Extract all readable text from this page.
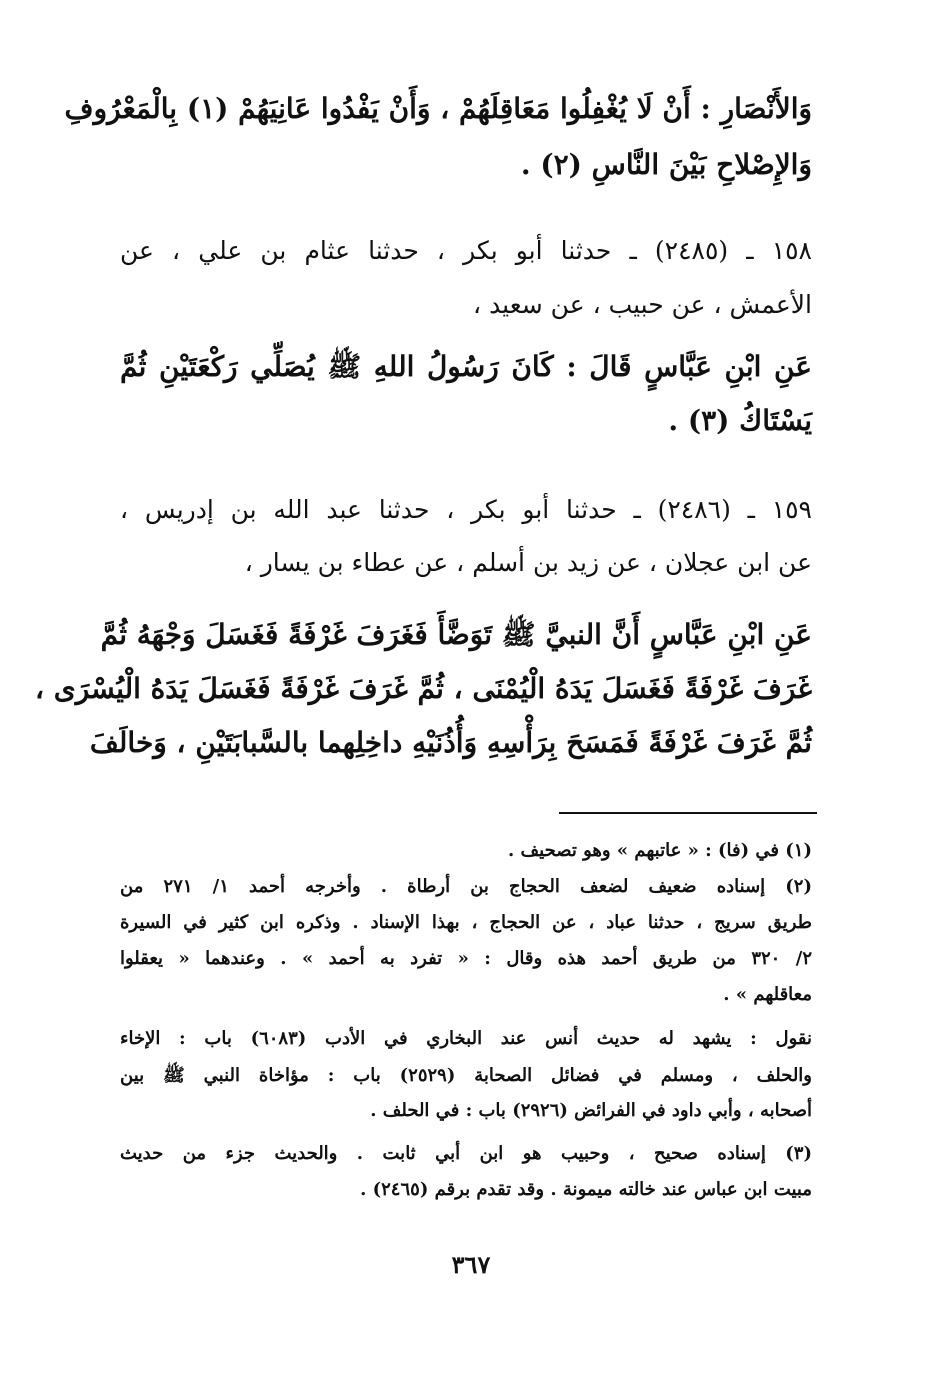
وَالأَنْصَارِ : أَنْ لَا يُغْفِلُوا مَعَاقِلَهُمْ ، وَأَنْ يَفْدُوا عَانِيَهُمْ (١) بِالْمَعْرُوفِ
وَالإِصْلاحِ بَيْنَ النَّاسِ (٢) .
١٥٨ ـ (٢٤٨٥) ـ حدثنا أبو بكر ، حدثنا عثام بن علي ، عن
الأعمش ، عن حبيب ، عن سعيد ،
عَنِ ابْنِ عَبَّاسٍ قَالَ : كَانَ رَسُولُ اللهِ ﷺ يُصَلِّي رَكْعَتَيْنِ ثُمَّ
يَسْتَاكُ (٣) .
١٥٩ ـ (٢٤٨٦) ـ حدثنا أبو بكر ، حدثنا عبد الله بن إدريس ،
عن ابن عجلان ، عن زيد بن أسلم ، عن عطاء بن يسار ،
عَنِ ابْنِ عَبَّاسٍ أَنَّ النبيَّ ﷺ تَوَضَّأَ فَغَرَفَ غَرْفَةً فَغَسَلَ وَجْهَهُ ثُمَّ
غَرَفَ غَرْفَةً فَغَسَلَ يَدَهُ الْيُمْنَى ، ثُمَّ غَرَفَ غَرْفَةً فَغَسَلَ يَدَهُ الْيُسْرَى ،
ثُمَّ غَرَفَ غَرْفَةً فَمَسَحَ بِرَأْسِهِ وَأُذُنَيْهِ داخِلِهما بالسَّبابَتَيْنِ ، وَخالَفَ
(١) في (فا) : « عاتبهم » وهو تصحيف .
(٢) إسناده ضعيف لضعف الحجاج بن أرطاة . وأخرجه أحمد ١/ ٢٧١ من
طريق سريج ، حدثنا عباد ، عن الحجاج ، بهذا الإسناد . وذكره ابن كثير في السيرة
٢/ ٣٢٠ من طريق أحمد هذه وقال : « تفرد به أحمد » . وعندهما « يعقلوا
معاقلهم » .
نقول : يشهد له حديث أنس عند البخاري في الأدب (٦٠٨٣) باب : الإخاء
والحلف ، ومسلم في فضائل الصحابة (٢٥٢٩) باب : مؤاخاة النبي ﷺ بين
أصحابه ، وأبي داود في الفرائض (٢٩٢٦) باب : في الحلف .
(٣) إسناده صحيح ، وحبيب هو ابن أبي ثابت . والحديث جزء من حديث
مبيت ابن عباس عند خالته ميمونة . وقد تقدم برقم (٢٤٦٥) .
٣٦٧
